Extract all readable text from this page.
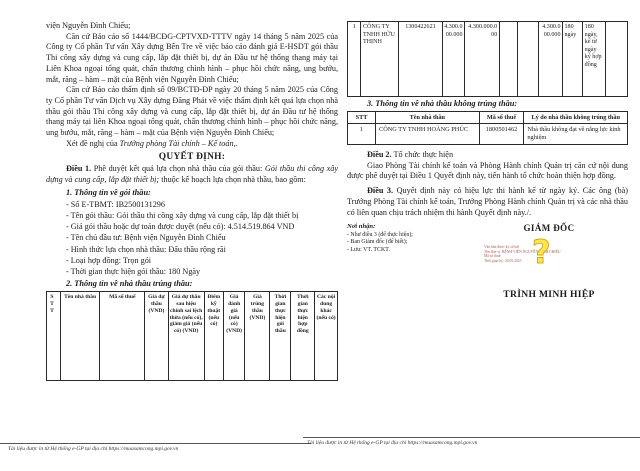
viện Nguyễn Đình Chiểu;

Căn cứ Báo cáo số 1444/BCĐG-CPTVXD-TTTV ngày 14 tháng 5 năm 2025 của Công ty Cổ phần Tư vấn Xây dựng Bến Tre về việc báo cáo đánh giá E-HSDT gói thầu Thi công xây dựng và cung cấp, lắp đặt thiết bị, dự án Đầu tư hệ thống thang máy tại Liên Khoa ngoại tổng quát, chấn thương chỉnh hình – phục hồi chức năng, ung bướu, mắt, răng – hàm – mặt của Bệnh viện Nguyễn Đình Chiểu;

Căn cứ Báo cáo thẩm định số 09/BCTĐ-ĐP ngày 20 tháng 5 năm 2025 của Công ty Cổ phần Tư vấn Dịch vụ Xây dựng Đăng Phát về việc thẩm định kết quả lựa chọn nhà thầu gói thầu Thi công xây dựng và cung cấp, lắp đặt thiết bị, dự án Đầu tư hệ thống thang máy tại liên Khoa ngoại tổng quát, chấn thương chỉnh hình – phục hồi chức năng, ung bướu, mắt, răng – hàm – mặt của Bệnh viện Nguyễn Đình Chiểu;

Xét đề nghị của Trưởng phòng Tài chính – Kế toán,.

QUYẾT ĐỊNH:

Điều 1. Phê duyệt kết quả lựa chọn nhà thầu của gói thầu: Gói thầu thi công xây dựng và cung cấp, lắp đặt thiết bị; thuộc kế hoạch lựa chọn nhà thầu, bao gồm:

1. Thông tin về gói thầu:

- Số E-TBMT: IB2500131296

- Tên gói thầu: Gói thầu thi công xây dựng và cung cấp, lắp đặt thiết bị

- Giá gói thầu hoặc dự toán được duyệt (nếu có): 4.514.519.864 VND

- Tên chủ đầu tư: Bệnh viện Nguyễn Đình Chiểu

- Hình thức lựa chọn nhà thầu: Đấu thầu rộng rãi

- Loại hợp đồng: Trọn gói

- Thời gian thực hiện gói thầu: 180 Ngày

2. Thông tin về nhà thầu trúng thầu:

STT	Tên nhà thầu	Mã số thuế	Giá dự thầu (VND)	Giá dự thầu sau hiệu chỉnh sai lệch thừa (nếu có), giảm giá (nếu có) (VND)	Điểm kỹ thuật (nếu có)	Giá đánh giá (nếu có) (VND)	Giá trúng thầu (VND)	Thời gian thực hiện gói thầu	Thời gian thực hiện hợp đồng	Các nội dung khác (nếu có)
1	CÔNG TY TNHH HỮU THỊNH	1300422621	4.300.000.000	4.300.000.000			4.300.000.000	180 ngày	180 ngày, kể từ ngày ký hợp đồng	

3. Thông tin về nhà thầu không trúng thầu:

STT	Tên nhà thầu	Mã số thuế	Lý do nhà thầu không trúng thầu
1	CÔNG TY TNHH HOÀNG PHÚC	1800501462	Nhà thầu không đạt về năng lực kinh nghiệm

Điều 2. Tổ chức thực hiện

Giao Phòng Tài chính kế toán và Phòng Hành chính Quản trị căn cứ nội dung được phê duyệt tại Điều 1 Quyết định này, tiến hành tổ chức hoàn thiện hợp đồng.

Điều 3. Quyết định này có hiệu lực thi hành kể từ ngày ký. Các ông (bà) Trưởng Phòng Tài chính kế toán, Trưởng Phòng Hành chính Quản trị và các nhà thầu có liên quan chịu trách nhiệm thi hành Quyết định này./.

Nơi nhận:

- Như điều 3 (để thực hiện);

- Ban Giám đốc (để biết);

- Lưu: VT. TCKT.

GIÁM ĐỐC

Văn bản được ký số bởi

Tên đơn vị: BỆNH VIỆN NGUYỄN ĐÌNH CHIỂU

Mã số thuế:

Thời gian ký: 20.05.2025 ?

TRÌNH MINH HIỆP

Tài liệu được in từ Hệ thống e-GP tại địa chỉ https://muasamcong.mpi.gov.vn
Tài liệu được in từ Hệ thống e-GP tại địa chỉ https://muasamcong.mpi.gov.vn
